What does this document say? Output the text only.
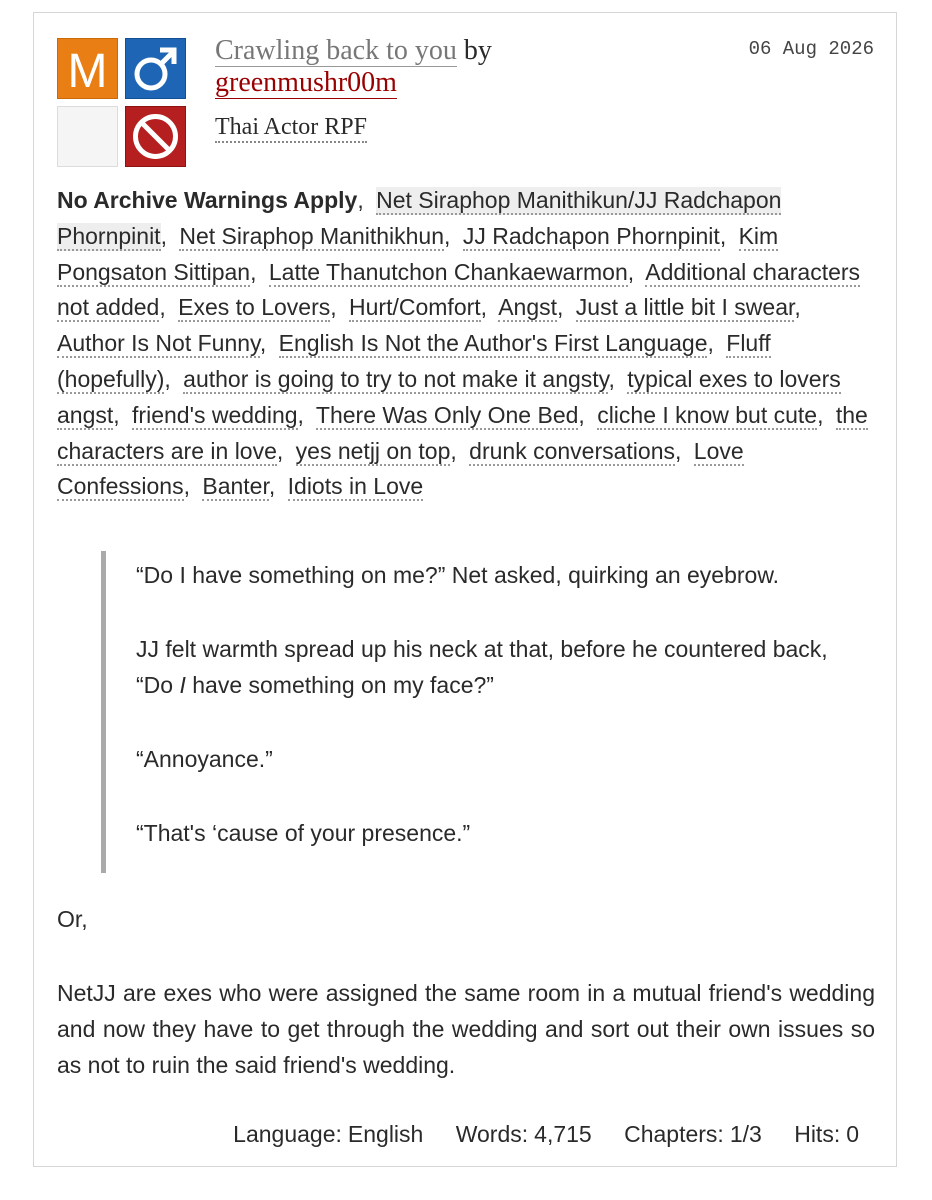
M	Crawling back to you by
greenmushr00m
Thai Actor RPF
06 Aug 2026
No Archive Warnings Apply, Net Siraphop Manithikun/JJ Radchapon Phornpinit, Net Siraphop Manithikhun, JJ Radchapon Phornpinit, Kim Pongsaton Sittipan, Latte Thanutchon Chankaewarmon, Additional characters not added, Exes to Lovers, Hurt/Comfort, Angst, Just a little bit I swear, Author Is Not Funny, English Is Not the Author's First Language, Fluff (hopefully), author is going to try to not make it angsty, typical exes to lovers angst, friend's wedding, There Was Only One Bed, cliche I know but cute, the characters are in love, yes netjj on top, drunk conversations, Love Confessions, Banter, Idiots in Love

“Do I have something on me?” Net asked, quirking an eyebrow.

JJ felt warmth spread up his neck at that, before he countered back,
“Do I have something on my face?”

“Annoyance.”

“That's ‘cause of your presence.”

Or,

NetJJ are exes who were assigned the same room in a mutual friend's wedding and now they have to get through the wedding and sort out their own issues so as not to ruin the said friend's wedding.

Language: English Words: 4,715 Chapters: 1/3 Hits: 0
